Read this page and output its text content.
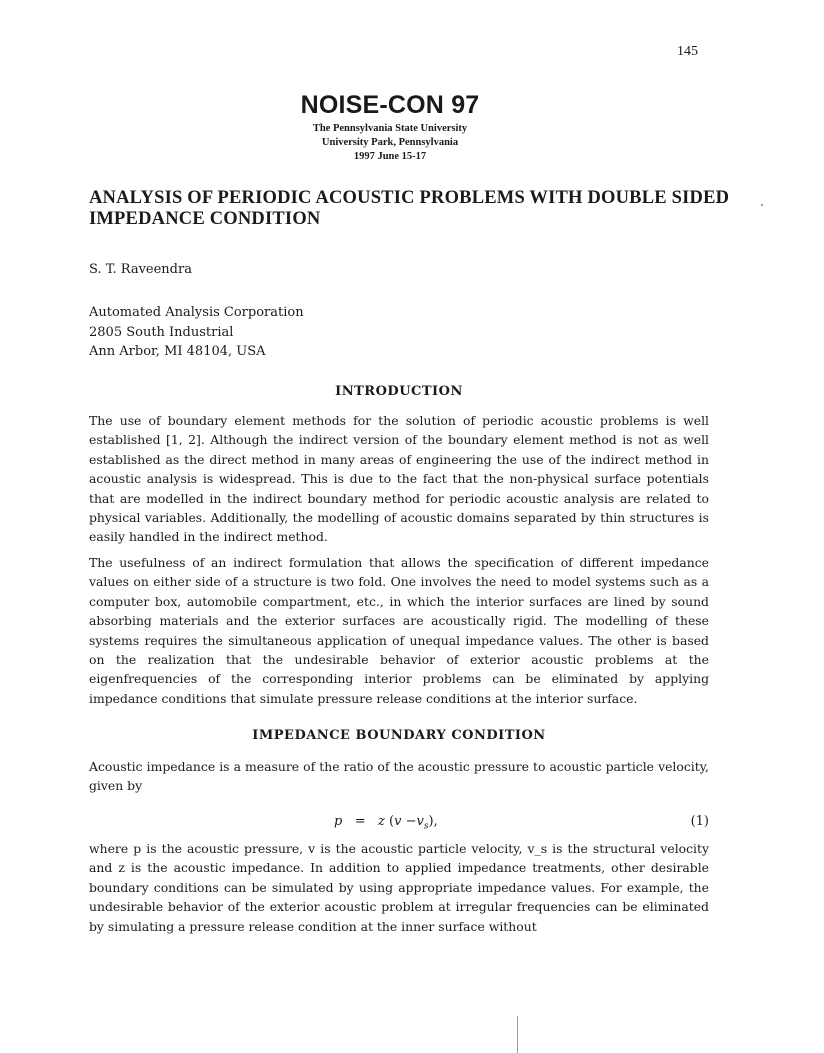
145
NOISE-CON 97
The Pennsylvania State University
University Park, Pennsylvania
1997 June 15-17
ANALYSIS OF PERIODIC ACOUSTIC PROBLEMS WITH DOUBLE SIDED IMPEDANCE CONDITION
S. T. Raveendra
Automated Analysis Corporation
2805 South Industrial
Ann Arbor, MI 48104, USA
INTRODUCTION

The use of boundary element methods for the solution of periodic acoustic problems is well established [1, 2]. Although the indirect version of the boundary element method is not as well established as the direct method in many areas of engineering the use of the indirect method in acoustic analysis is widespread. This is due to the fact that the non-physical surface potentials that are modelled in the indirect boundary method for periodic acoustic analysis are related to physical variables. Additionally, the modelling of acoustic domains separated by thin structures is easily handled in the indirect method.

The usefulness of an indirect formulation that allows the specification of different impedance values on either side of a structure is two fold. One involves the need to model systems such as a computer box, automobile compartment, etc., in which the interior surfaces are lined by sound absorbing materials and the exterior surfaces are acoustically rigid. The modelling of these systems requires the simultaneous application of unequal impedance values. The other is based on the realization that the undesirable behavior of exterior acoustic problems at the eigenfrequencies of the corresponding interior problems can be eliminated by applying impedance conditions that simulate pressure release conditions at the interior surface.

IMPEDANCE BOUNDARY CONDITION

Acoustic impedance is a measure of the ratio of the acoustic pressure to acoustic particle velocity, given by

p = z $(v -v_s)$,	(1)

where p is the acoustic pressure, v is the acoustic particle velocity, v_s is the structural velocity and z is the acoustic impedance. In addition to applied impedance treatments, other desirable boundary conditions can be simulated by using appropriate impedance values. For example, the undesirable behavior of the exterior acoustic problem at irregular frequencies can be eliminated by simulating a pressure release condition at the inner surface without
